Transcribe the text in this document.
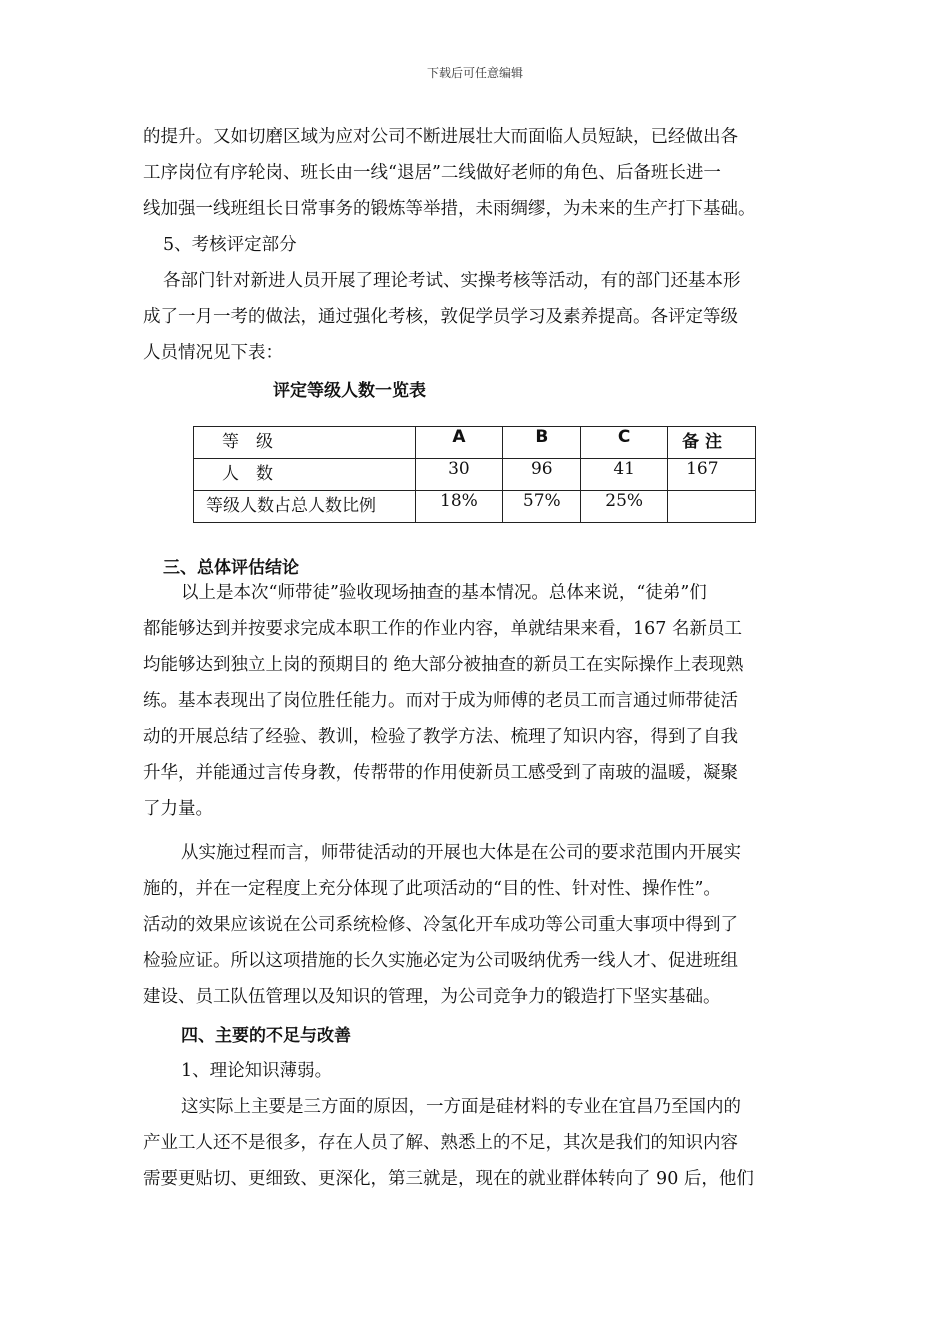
下载后可任意编辑
的提升。又如切磨区域为应对公司不断进展壮大而面临人员短缺，已经做出各
工序岗位有序轮岗、班长由一线“退居”二线做好老师的角色、后备班长进一
线加强一线班组长日常事务的锻炼等举措，未雨绸缪，为未来的生产打下基础。
5、考核评定部分
各部门针对新进人员开展了理论考试、实操考核等活动，有的部门还基本形
成了一月一考的做法，通过强化考核，敦促学员学习及素养提高。各评定等级
人员情况见下表：
评定等级人数一览表
等　级	A	B	C	备 注
人　数	30	96	41	167
等级人数占总人数比例	18%	57%	25%	
三、总体评估结论
以上是本次“师带徒”验收现场抽查的基本情况。总体来说，“徒弟”们
都能够达到并按要求完成本职工作的作业内容，单就结果来看，167 名新员工
均能够达到独立上岗的预期目的 绝大部分被抽查的新员工在实际操作上表现熟
练。基本表现出了岗位胜任能力。而对于成为师傅的老员工而言通过师带徒活
动的开展总结了经验、教训，检验了教学方法、梳理了知识内容，得到了自我
升华，并能通过言传身教，传帮带的作用使新员工感受到了南玻的温暖，凝聚
了力量。
从实施过程而言，师带徒活动的开展也大体是在公司的要求范围内开展实
施的，并在一定程度上充分体现了此项活动的“目的性、针对性、操作性”。
活动的效果应该说在公司系统检修、冷氢化开车成功等公司重大事项中得到了
检验应证。所以这项措施的长久实施必定为公司吸纳优秀一线人才、促进班组
建设、员工队伍管理以及知识的管理，为公司竞争力的锻造打下坚实基础。
四、主要的不足与改善
1、理论知识薄弱。
这实际上主要是三方面的原因，一方面是硅材料的专业在宜昌乃至国内的
产业工人还不是很多，存在人员了解、熟悉上的不足，其次是我们的知识内容
需要更贴切、更细致、更深化，第三就是，现在的就业群体转向了 90 后，他们
